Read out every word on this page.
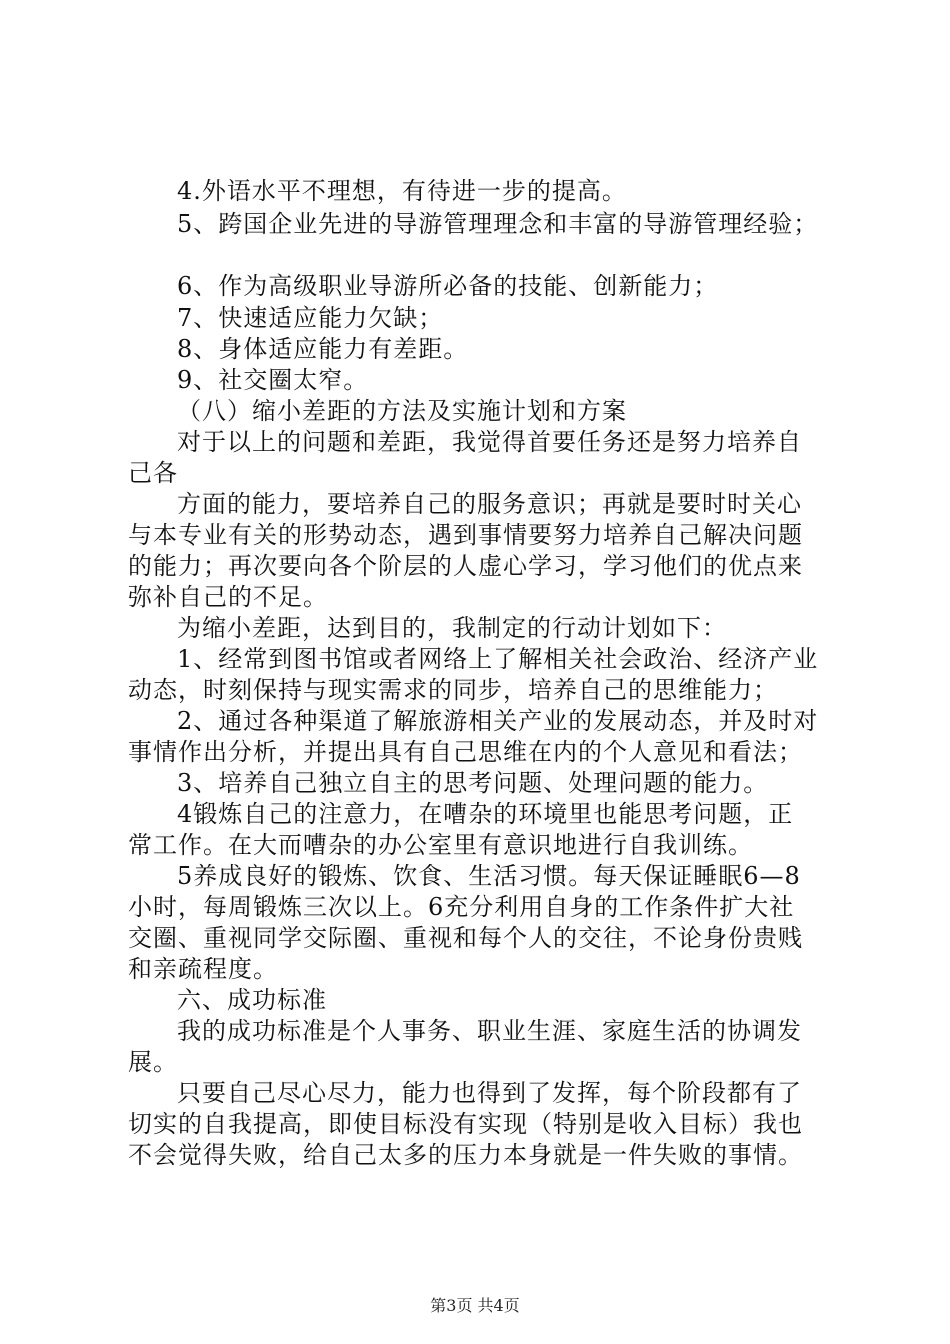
4.外语水平不理想，有待进一步的提高。
5、跨国企业先进的导游管理理念和丰富的导游管理经验；
6、作为高级职业导游所必备的技能、创新能力；
7、快速适应能力欠缺；
8、身体适应能力有差距。
9、社交圈太窄。
（八）缩小差距的方法及实施计划和方案
对于以上的问题和差距，我觉得首要任务还是努力培养自
己各
方面的能力，要培养自己的服务意识；再就是要时时关心
与本专业有关的形势动态，遇到事情要努力培养自己解决问题
的能力；再次要向各个阶层的人虚心学习，学习他们的优点来
弥补自己的不足。
为缩小差距，达到目的，我制定的行动计划如下：
1、经常到图书馆或者网络上了解相关社会政治、经济产业
动态，时刻保持与现实需求的同步，培养自己的思维能力；
2、通过各种渠道了解旅游相关产业的发展动态，并及时对
事情作出分析，并提出具有自己思维在内的个人意见和看法；
3、培养自己独立自主的思考问题、处理问题的能力。
4锻炼自己的注意力，在嘈杂的环境里也能思考问题，正
常工作。在大而嘈杂的办公室里有意识地进行自我训练。
5养成良好的锻炼、饮食、生活习惯。每天保证睡眠6—8
小时，每周锻炼三次以上。6充分利用自身的工作条件扩大社
交圈、重视同学交际圈、重视和每个人的交往，不论身份贵贱
和亲疏程度。
六、成功标准
我的成功标准是个人事务、职业生涯、家庭生活的协调发
展。
只要自己尽心尽力，能力也得到了发挥，每个阶段都有了
切实的自我提高，即使目标没有实现（特别是收入目标）我也
不会觉得失败，给自己太多的压力本身就是一件失败的事情。
第3页 共4页
